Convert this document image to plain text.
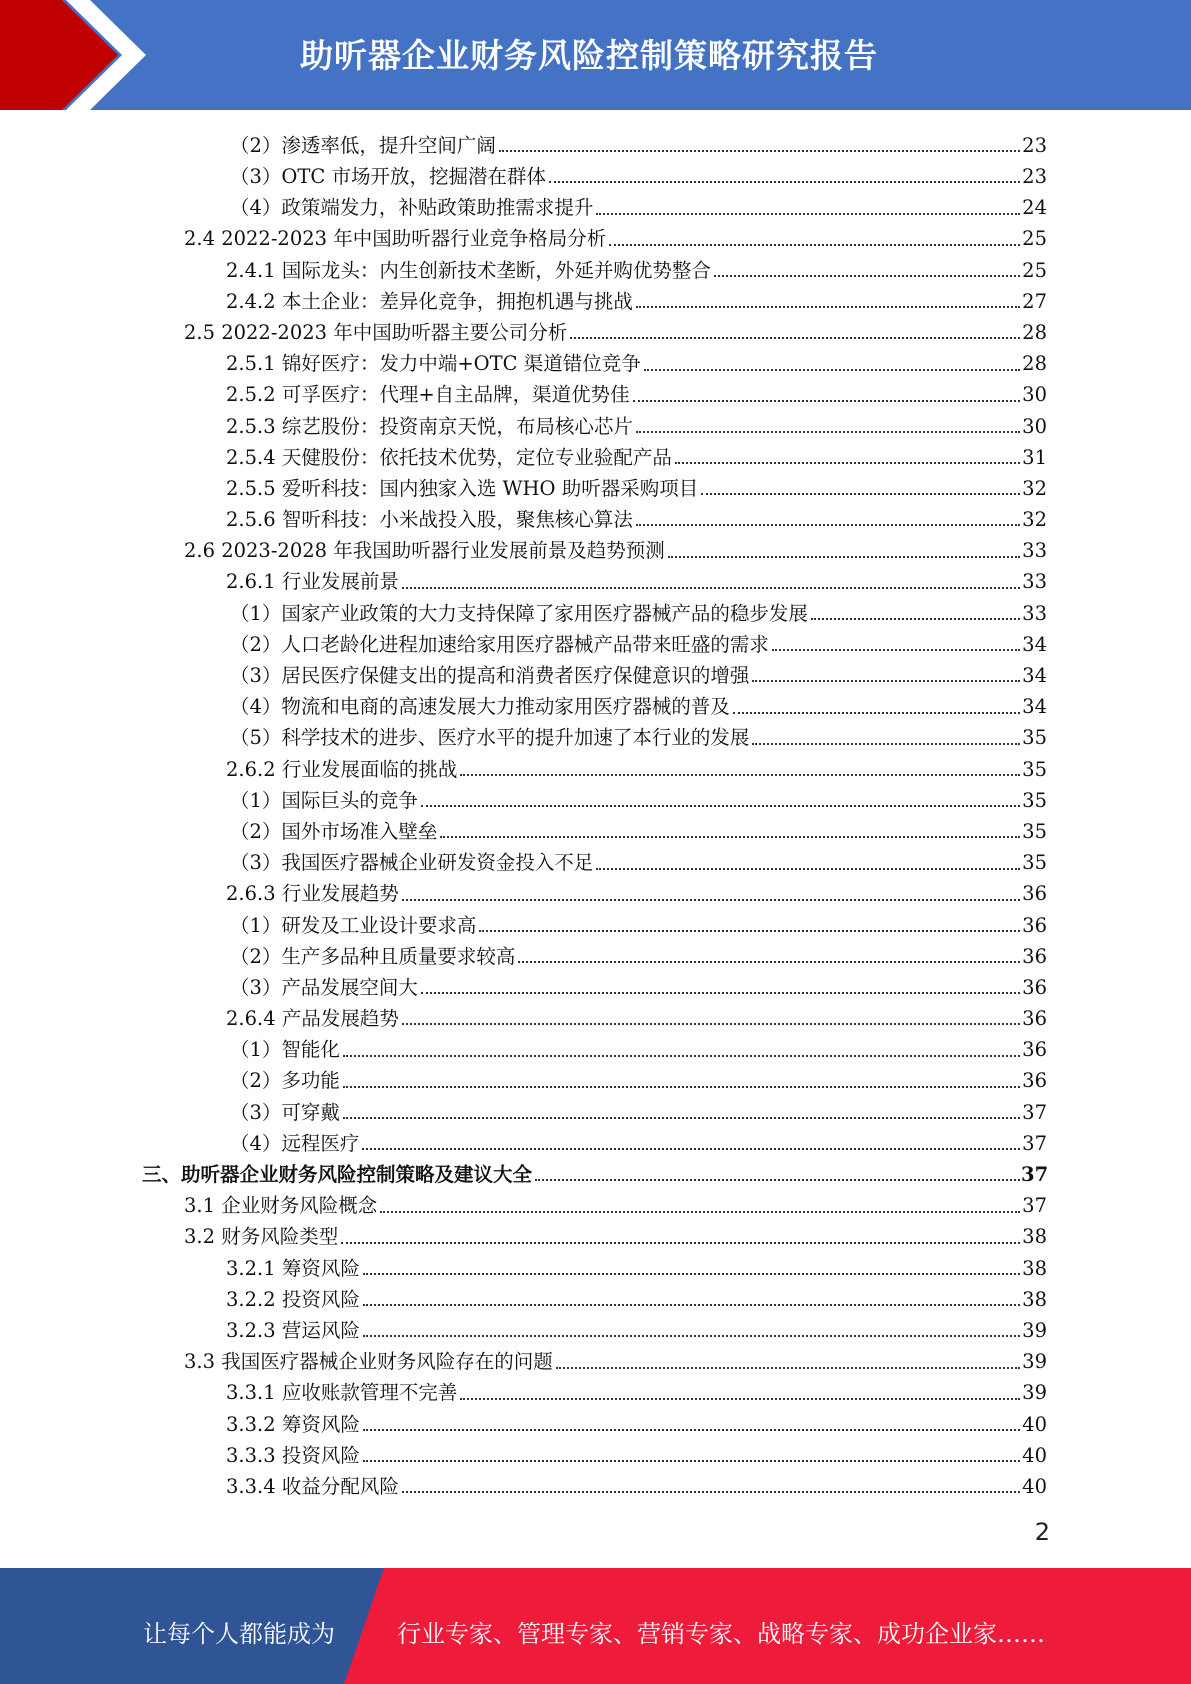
助听器企业财务风险控制策略研究报告
（2）渗透率低，提升空间广阔	23
（3）OTC 市场开放，挖掘潜在群体	23
（4）政策端发力，补贴政策助推需求提升	24
2.4 2022-2023 年中国助听器行业竞争格局分析	25
2.4.1 国际龙头：内生创新技术垄断，外延并购优势整合	25
2.4.2 本土企业：差异化竞争，拥抱机遇与挑战	27
2.5 2022-2023 年中国助听器主要公司分析	28
2.5.1 锦好医疗：发力中端+OTC 渠道错位竞争	28
2.5.2 可孚医疗：代理+自主品牌，渠道优势佳	30
2.5.3 综艺股份：投资南京天悦，布局核心芯片	30
2.5.4 天健股份：依托技术优势，定位专业验配产品	31
2.5.5 爱听科技：国内独家入选 WHO 助听器采购项目	32
2.5.6 智听科技：小米战投入股，聚焦核心算法	32
2.6 2023-2028 年我国助听器行业发展前景及趋势预测	33
2.6.1 行业发展前景	33
（1）国家产业政策的大力支持保障了家用医疗器械产品的稳步发展	33
（2）人口老龄化进程加速给家用医疗器械产品带来旺盛的需求	34
（3）居民医疗保健支出的提高和消费者医疗保健意识的增强	34
（4）物流和电商的高速发展大力推动家用医疗器械的普及	34
（5）科学技术的进步、医疗水平的提升加速了本行业的发展	35
2.6.2 行业发展面临的挑战	35
（1）国际巨头的竞争	35
（2）国外市场准入壁垒	35
（3）我国医疗器械企业研发资金投入不足	35
2.6.3 行业发展趋势	36
（1）研发及工业设计要求高	36
（2）生产多品种且质量要求较高	36
（3）产品发展空间大	36
2.6.4 产品发展趋势	36
（1）智能化	36
（2）多功能	36
（3）可穿戴	37
（4）远程医疗	37
三、助听器企业财务风险控制策略及建议大全	37
3.1 企业财务风险概念	37
3.2 财务风险类型	38
3.2.1 筹资风险	38
3.2.2 投资风险	38
3.2.3 营运风险	39
3.3 我国医疗器械企业财务风险存在的问题	39
3.3.1 应收账款管理不完善	39
3.3.2 筹资风险	40
3.3.3 投资风险	40
3.3.4 收益分配风险	40
2
让每个人都能成为	行业专家、管理专家、营销专家、战略专家、成功企业家……
